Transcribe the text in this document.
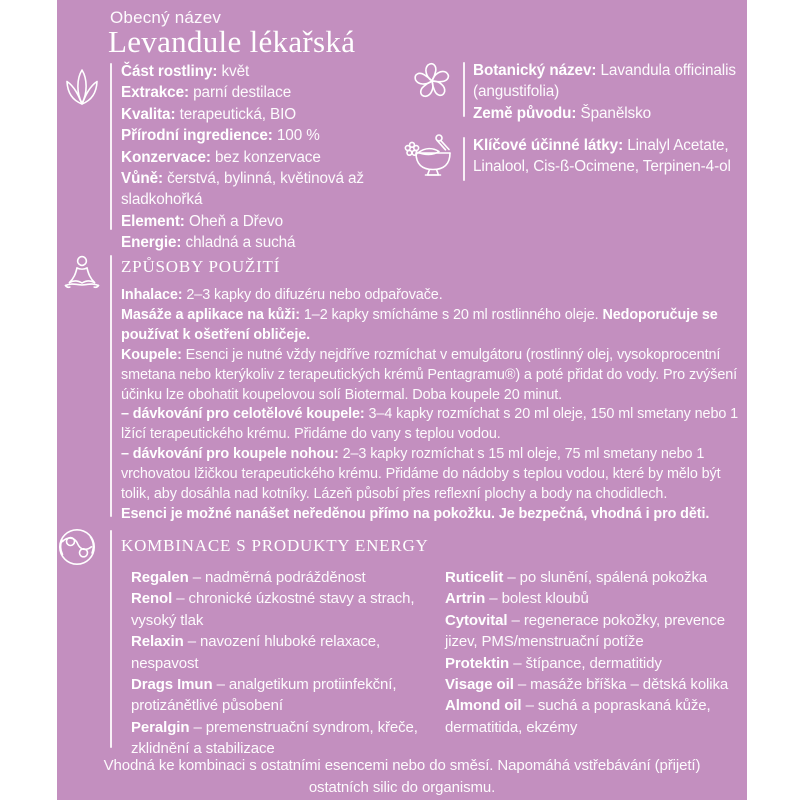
Obecný název
Levandule lékařská
Část rostliny: květ
Extrakce: parní destilace
Kvalita: terapeutická, BIO
Přírodní ingredience: 100 %
Konzervace: bez konzervace
Vůně: čerstvá, bylinná, květinová až sladkohořká
Element: Oheň a Dřevo
Energie: chladná a suchá
Botanický název: Lavandula officinalis (angustifolia)
Země původu: Španělsko
Klíčové účinné látky: Linalyl Acetate, Linalool, Cis-ß-Ocimene, Terpinen-4-ol
ZPŮSOBY POUŽITÍ
Inhalace: 2–3 kapky do difuzéru nebo odpařovače.
Masáže a aplikace na kůži: 1–2 kapky smícháme s 20 ml rostlinného oleje. Nedoporučuje se používat k ošetření obličeje.
Koupele: Esenci je nutné vždy nejdříve rozmíchat v emulgátoru (rostlinný olej, vysokoprocentní smetana nebo kterýkoliv z terapeutických krémů Pentagramu®) a poté přidat do vody. Pro zvýšení účinku lze obohatit koupelovou solí Biotermal. Doba koupele 20 minut.
– dávkování pro celotělové koupele: 3–4 kapky rozmíchat s 20 ml oleje, 150 ml smetany nebo 1 lžící terapeutického krému. Přidáme do vany s teplou vodou.
– dávkování pro koupele nohou: 2–3 kapky rozmíchat s 15 ml oleje, 75 ml smetany nebo 1 vrchovatou lžičkou terapeutického krému. Přidáme do nádoby s teplou vodou, které by mělo být tolik, aby dosáhla nad kotníky. Lázeň působí přes reflexní plochy a body na chodidlech.
Esenci je možné nanášet neředěnou přímo na pokožku. Je bezpečná, vhodná i pro děti.
KOMBINACE S PRODUKTY ENERGY
Regalen – nadměrná podrážděnost
Renol – chronické úzkostné stavy a strach, vysoký tlak
Relaxin – navození hluboké relaxace, nespavost
Drags Imun – analgetikum protiinfekční, protizánětlivé působení
Peralgin – premenstruační syndrom, křeče, zklidnění a stabilizace
Ruticelit – po slunění, spálená pokožka
Artrin – bolest kloubů
Cytovital – regenerace pokožky, prevence jizev, PMS/menstruační potíže
Protektin – štípance, dermatitidy
Visage oil – masáže bříška – dětská kolika
Almond oil – suchá a popraskaná kůže, dermatitida, ekzémy
Vhodná ke kombinaci s ostatními esencemi nebo do směsí. Napomáhá vstřebávání (přijetí) ostatních silic do organismu.
